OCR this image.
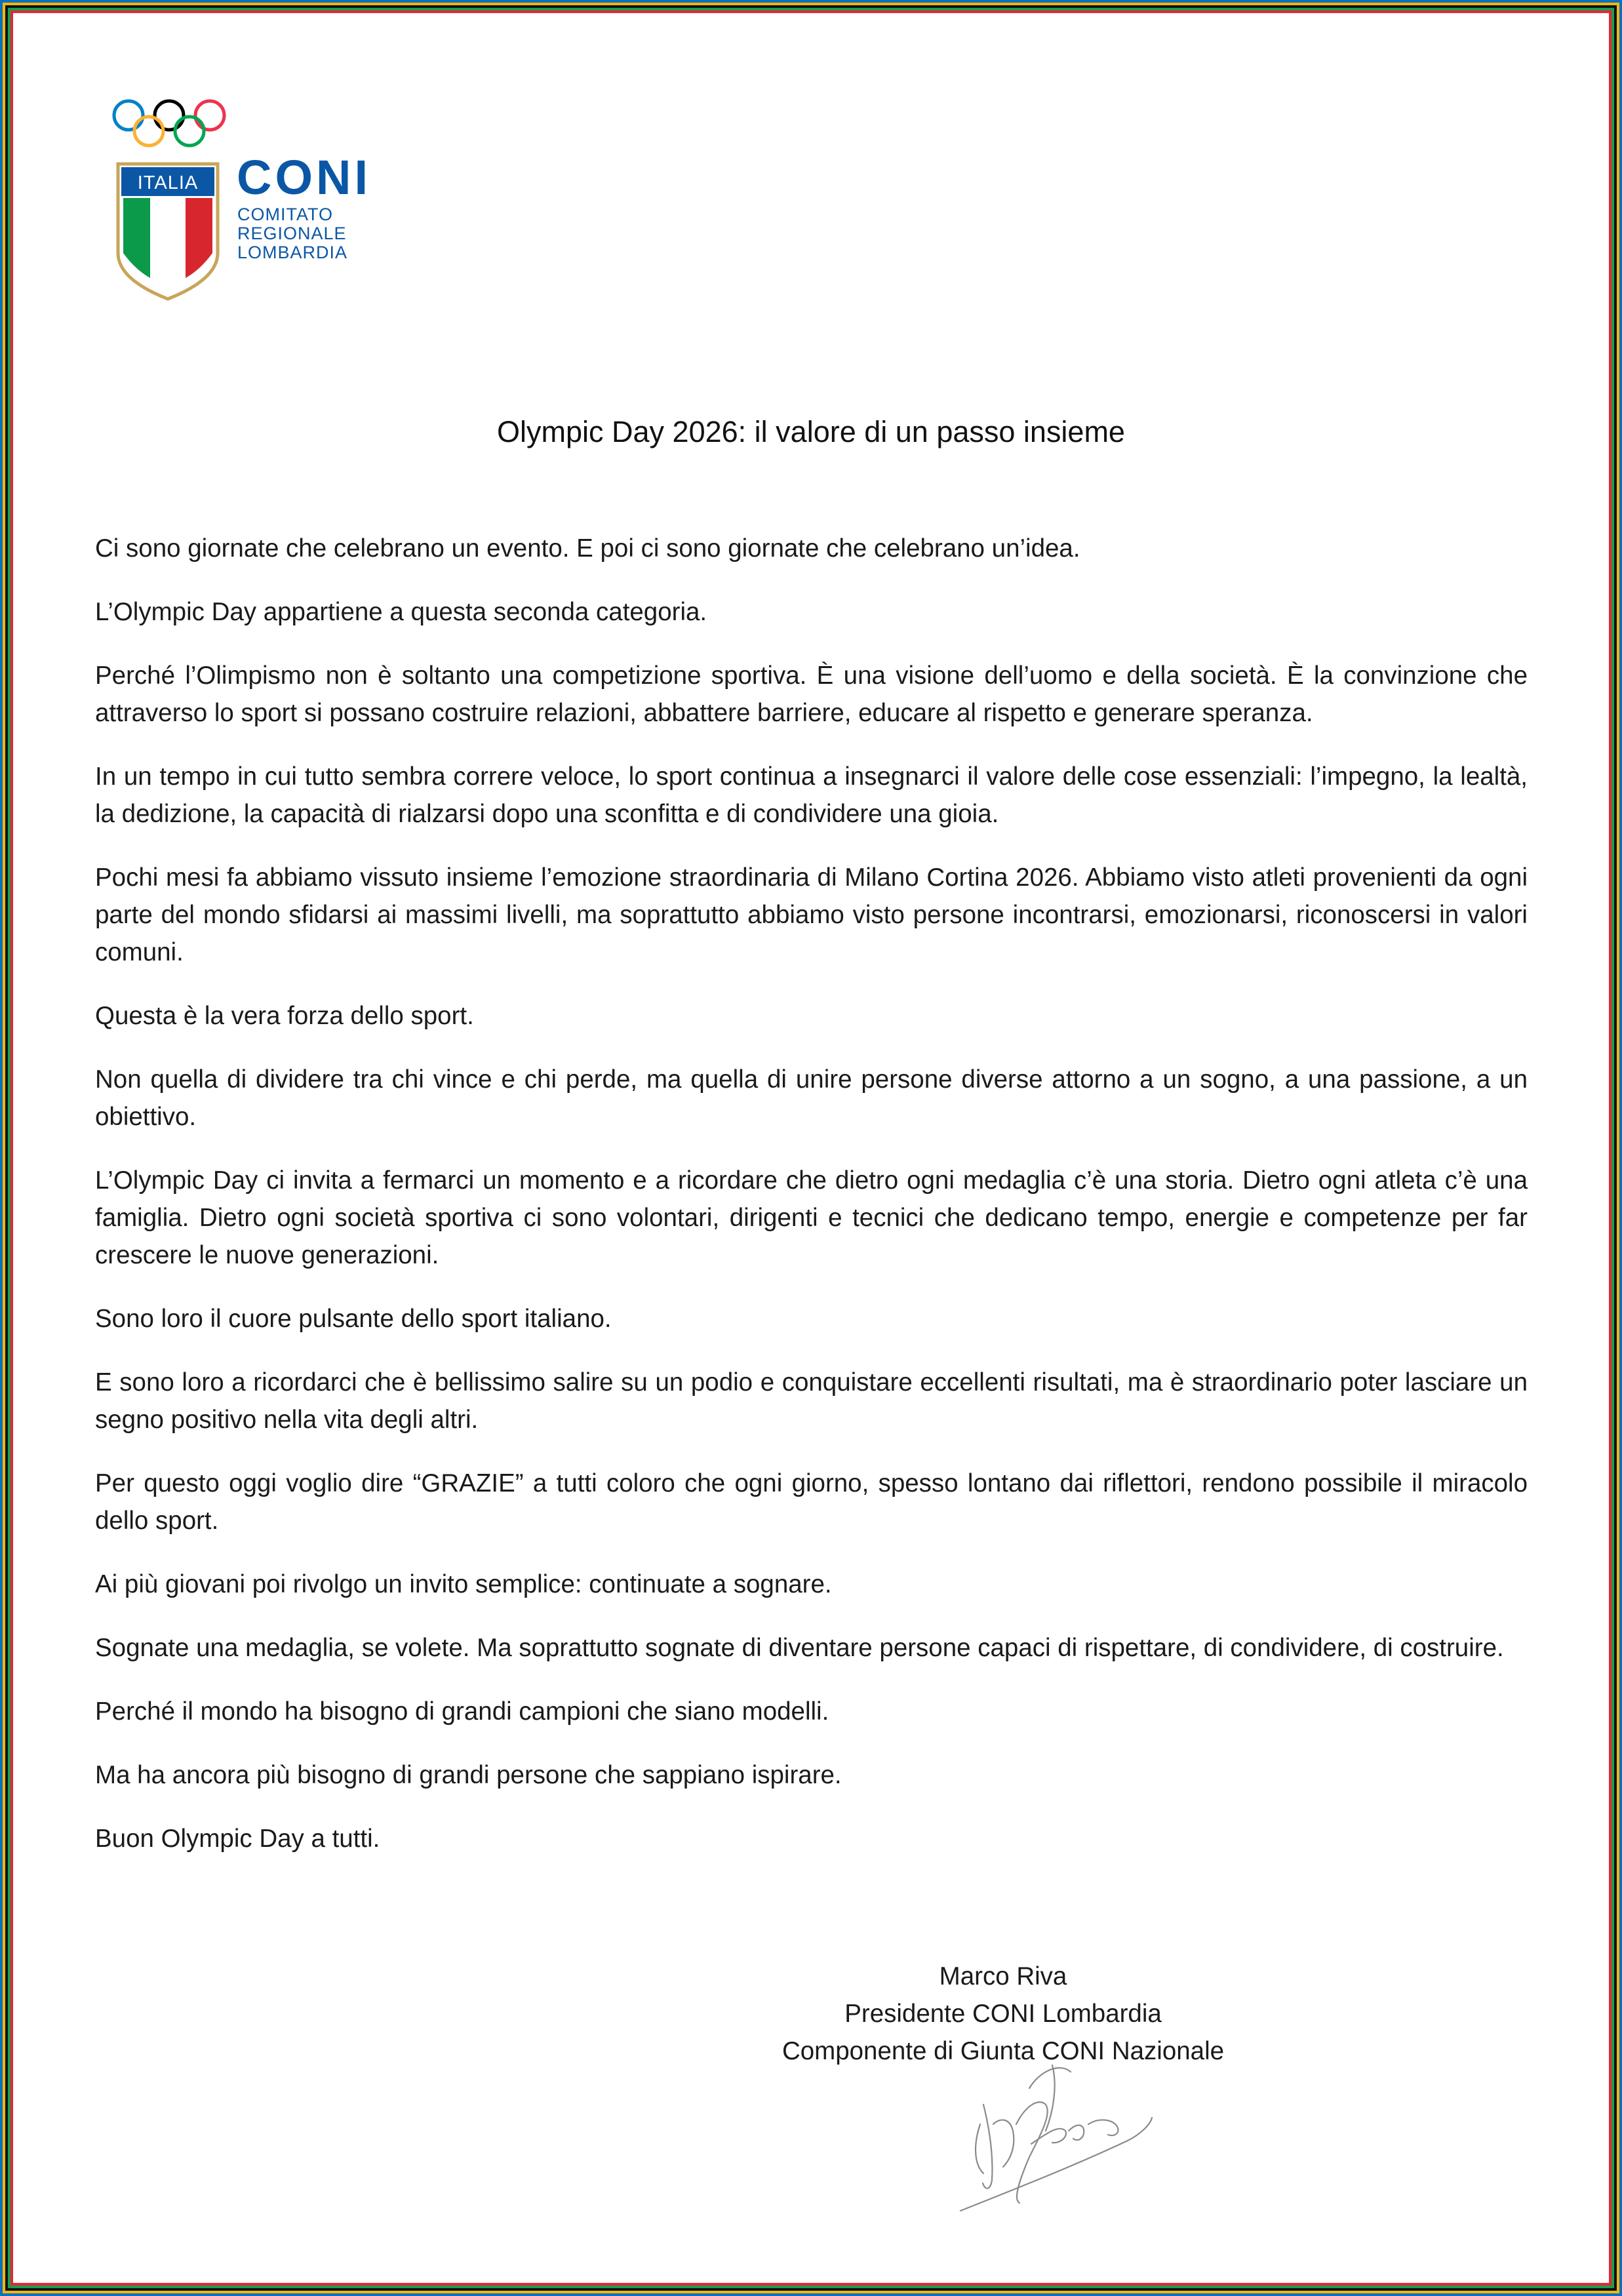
ITALIA CONI
COMITATO
REGIONALE
LOMBARDIA
Olympic Day 2026: il valore di un passo insieme

Ci sono giornate che celebrano un evento. E poi ci sono giornate che celebrano un’idea.

L’Olympic Day appartiene a questa seconda categoria.

Perché l’Olimpismo non è soltanto una competizione sportiva. È una visione dell’uomo e della società. È la convinzione che attraverso lo sport si possano costruire relazioni, abbattere barriere, educare al rispetto e generare speranza.

In un tempo in cui tutto sembra correre veloce, lo sport continua a insegnarci il valore delle cose essenziali: l’impegno, la lealtà, la dedizione, la capacità di rialzarsi dopo una sconfitta e di condividere una gioia.

Pochi mesi fa abbiamo vissuto insieme l’emozione straordinaria di Milano Cortina 2026. Abbiamo visto atleti provenienti da ogni parte del mondo sfidarsi ai massimi livelli, ma soprattutto abbiamo visto persone incontrarsi, emozionarsi, riconoscersi in valori comuni.

Questa è la vera forza dello sport.

Non quella di dividere tra chi vince e chi perde, ma quella di unire persone diverse attorno a un sogno, a una passione, a un obiettivo.

L’Olympic Day ci invita a fermarci un momento e a ricordare che dietro ogni medaglia c’è una storia. Dietro ogni atleta c’è una famiglia. Dietro ogni società sportiva ci sono volontari, dirigenti e tecnici che dedicano tempo, energie e competenze per far crescere le nuove generazioni.

Sono loro il cuore pulsante dello sport italiano.

E sono loro a ricordarci che è bellissimo salire su un podio e conquistare eccellenti risultati, ma è straordinario poter lasciare un segno positivo nella vita degli altri.

Per questo oggi voglio dire “GRAZIE” a tutti coloro che ogni giorno, spesso lontano dai riflettori, rendono possibile il miracolo dello sport.

Ai più giovani poi rivolgo un invito semplice: continuate a sognare.

Sognate una medaglia, se volete. Ma soprattutto sognate di diventare persone capaci di rispettare, di condividere, di costruire.

Perché il mondo ha bisogno di grandi campioni che siano modelli.

Ma ha ancora più bisogno di grandi persone che sappiano ispirare.

Buon Olympic Day a tutti.

Marco Riva
Presidente CONI Lombardia
Componente di Giunta CONI Nazionale
